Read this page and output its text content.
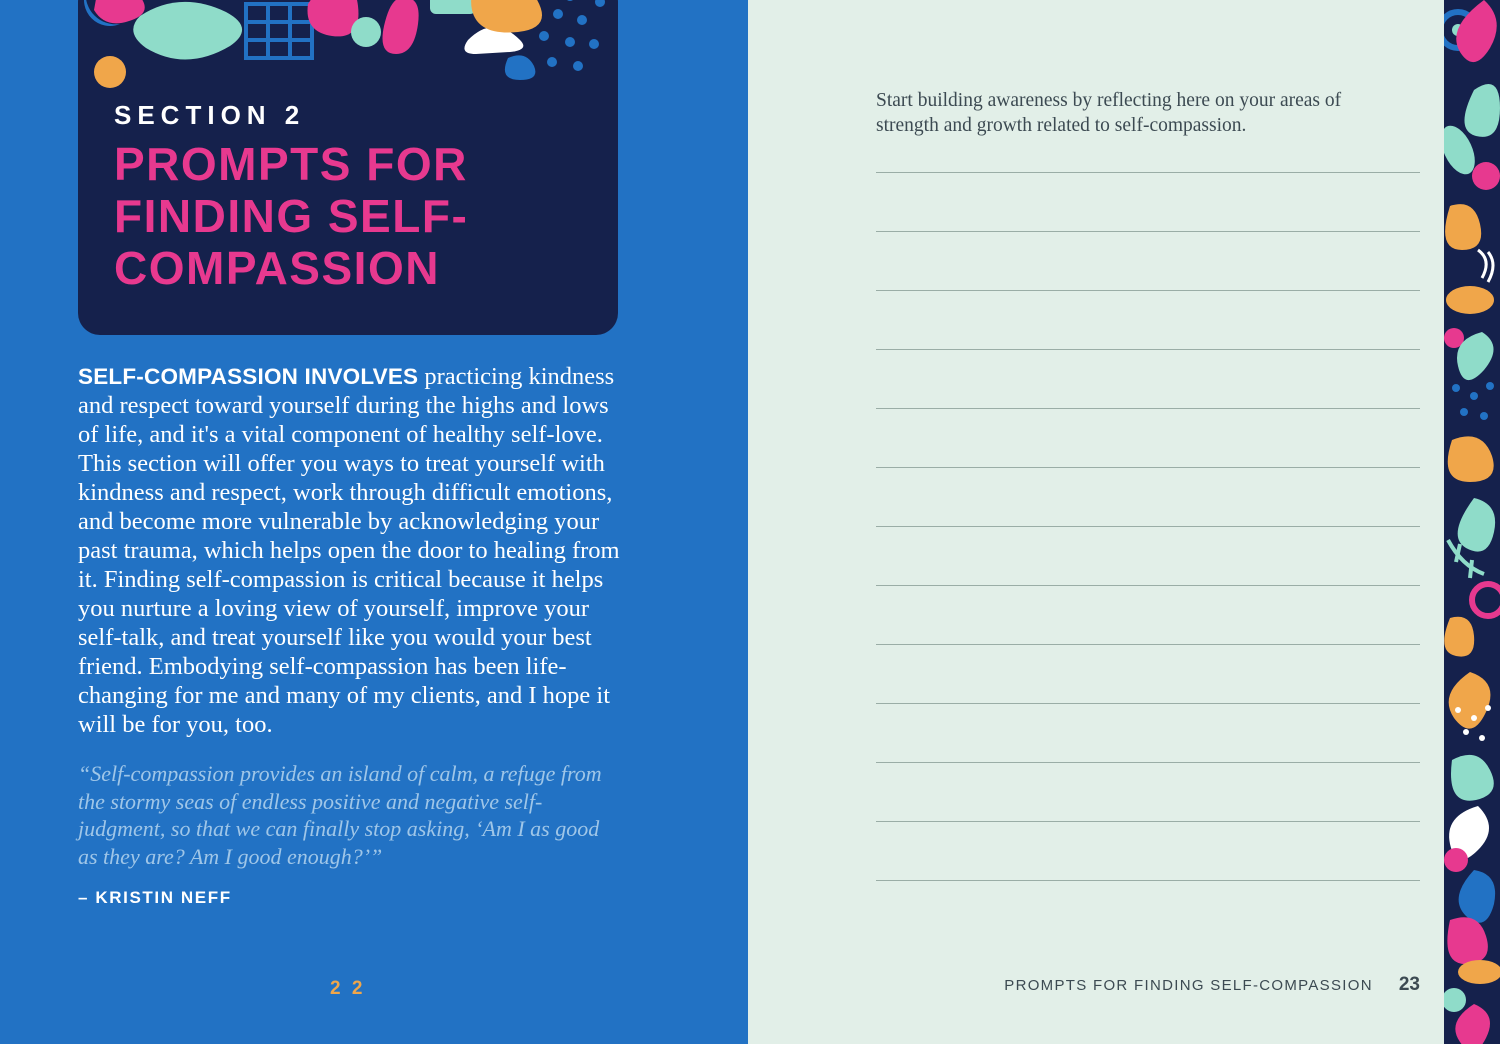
SECTION 2
PROMPTS FOR FINDING SELF-COMPASSION
SELF-COMPASSION INVOLVES practicing kindness and respect toward yourself during the highs and lows of life, and it's a vital component of healthy self-love. This section will offer you ways to treat yourself with kindness and respect, work through difficult emotions, and become more vulnerable by acknowledging your past trauma, which helps open the door to healing from it. Finding self-compassion is critical because it helps you nurture a loving view of yourself, improve your self-talk, and treat yourself like you would your best friend. Embodying self-compassion has been life-changing for me and many of my clients, and I hope it will be for you, too.
“Self-compassion provides an island of calm, a refuge from the stormy seas of endless positive and negative self-judgment, so that we can finally stop asking, ‘Am I as good as they are? Am I good enough?’”
– KRISTIN NEFF
2 2
Start building awareness by reflecting here on your areas of strength and growth related to self-compassion.
PROMPTS FOR FINDING SELF-COMPASSION 23
